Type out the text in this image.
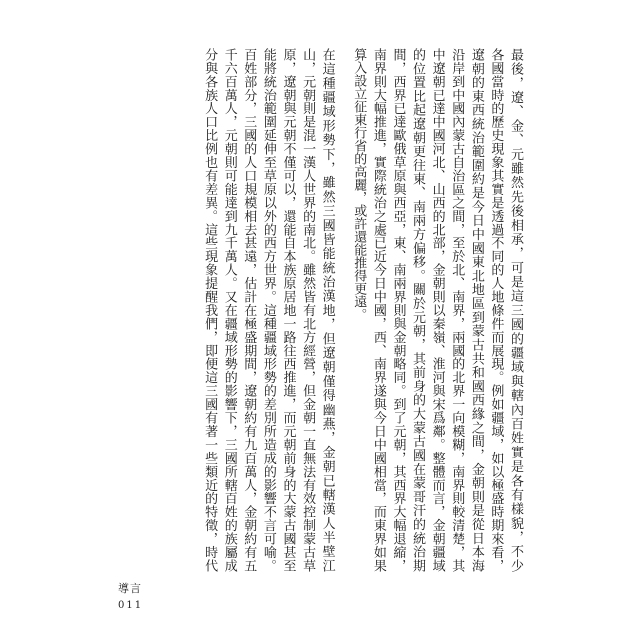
最後，遼、金、元雖然先後相承，可是這三國的疆域與轄內百姓實是各有樣貌，不少
各國當時的歷史現象其實是透過不同的人地條件而展現。例如疆域，如以極盛時期來看，
遼朝的東西統治範圍約是今日中國東北地區到蒙古共和國西緣之間，金朝則是從日本海
沿岸到中國內蒙古自治區之間，至於北、南界，兩國的北界一向模糊，南界則較清楚，其
中遼朝已達中國河北、山西的北部，金朝則以秦嶺、淮河與宋爲鄰。整體而言，金朝疆域
的位置比起遼朝更往東、南兩方偏移。關於元朝，其前身的大蒙古國在蒙哥汗的統治期
間，西界已達歐俄草原與西亞，東、南兩界則與金朝略同。到了元朝，其西界大幅退縮，
南界則大幅推進，實際統治之處已近今日中國，西、南界遂與今日中國相當，而東界如果
算入設立征東行省的高麗，或許還能推得更遠。
在這種疆域形勢下，雖然三國皆能統治漢地，但遼朝僅得幽燕，金朝已轄漢人半壁江
山，元朝則是混一漢人世界的南北。雖然皆有北方經營，但金朝一直無法有效控制蒙古草
原，遼朝與元朝不僅可以，還能自本族原居地一路往西推進，而元朝前身的大蒙古國甚至
能將統治範圍延伸至草原以外的西方世界。這種疆域形勢的差別所造成的影響不言可喻。
百姓部分，三國的人口規模相去甚遠，估計在極盛期間，遼朝約有九百萬人，金朝約有五
千六百萬人，元朝則可能達到九千萬人。又在疆域形勢的影響下，三國所轄百姓的族屬成
分與各族人口比例也有差異。這些現象提醒我們，即便這三國有著一些類近的特徵，時代
導言
011
